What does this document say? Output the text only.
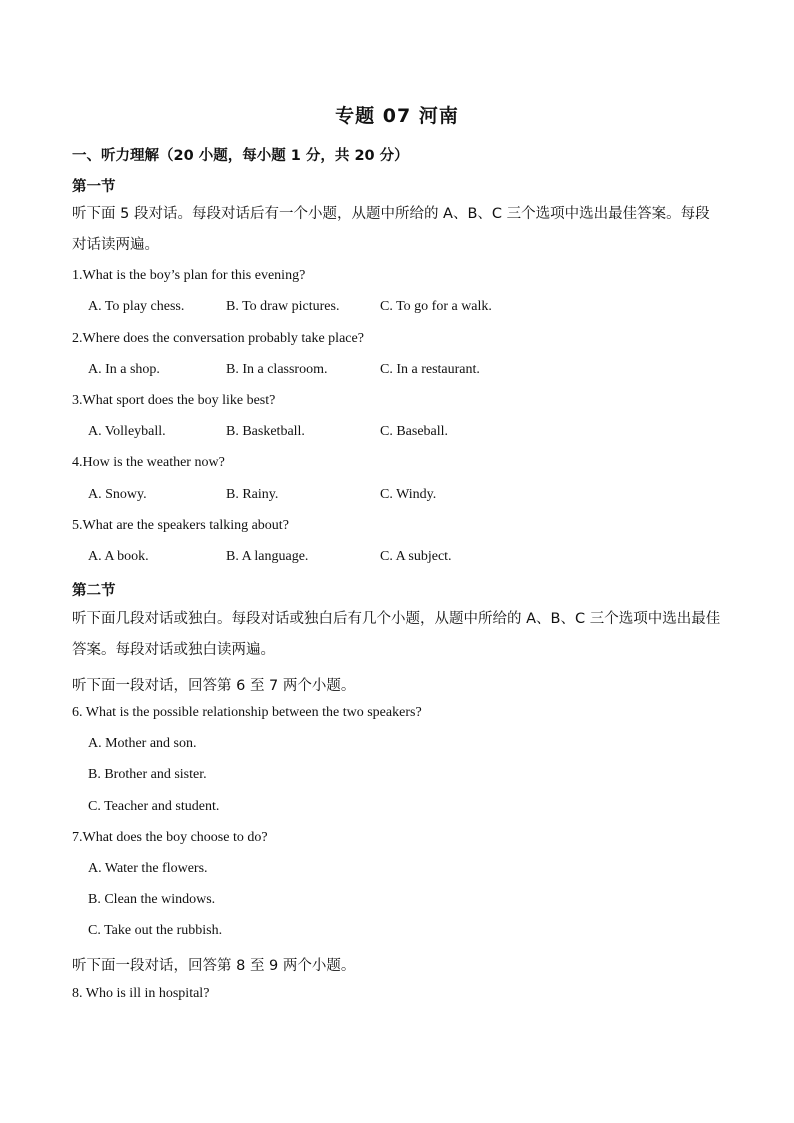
专题 07 河南
一、听力理解（20 小题，每小题 1 分，共 20 分）
第一节
听下面 5 段对话。每段对话后有一个小题，从题中所给的 A、B、C 三个选项中选出最佳答案。每段对话读两遍。
1.What is the boy’s plan for this evening?
A. To play chess.	B. To draw pictures.	C. To go for a walk.
2.Where does the conversation probably take place?
A. In a shop.	B. In a classroom.	C. In a restaurant.
3.What sport does the boy like best?
A. Volleyball.	B. Basketball.	C. Baseball.
4.How is the weather now?
A. Snowy.	B. Rainy.	C. Windy.
5.What are the speakers talking about?
A. A book.	B. A language.	C. A subject.
第二节
听下面几段对话或独白。每段对话或独白后有几个小题，从题中所给的 A、B、C 三个选项中选出最佳答案。每段对话或独白读两遍。
听下面一段对话，回答第 6 至 7 两个小题。
6. What is the possible relationship between the two speakers?
A. Mother and son.
B. Brother and sister.
C. Teacher and student.
7.What does the boy choose to do?
A. Water the flowers.
B. Clean the windows.
C. Take out the rubbish.
听下面一段对话，回答第 8 至 9 两个小题。
8. Who is ill in hospital?
